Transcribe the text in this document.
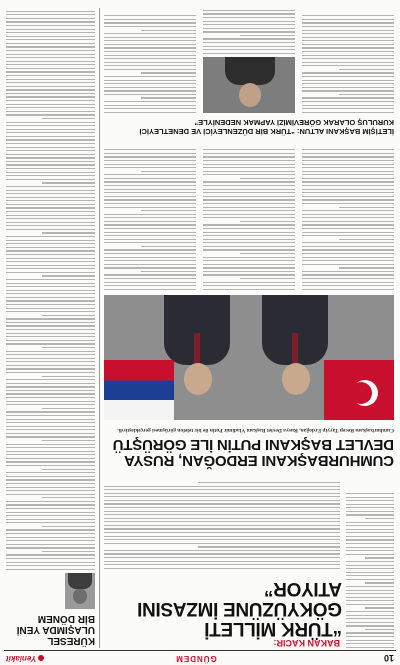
10
GÜNDEM
Yeniakit
BAKAN KACIR:
“TÜRK MİLLETİ GÖKYÜZÜNE İMZASINI ATIYOR”
KÜRESEL ULAŞIMDA YENİ BİR DÖNEM
CUMHURBAŞKANI ERDOĞAN, RUSYA DEVLET BAŞKANI PUTİN İLE GÖRÜŞTÜ
Cumhurbaşkanı Recep Tayyip Erdoğan, Rusya Devlet Başkanı Vladimir Putin ile bir telefon görüşmesi gerçekleştirdi.
İLETİŞİM BAŞKANI ALTUN: “TÜRK BİR DÜZENLEYİCİ VE DENETLEYİCİ KURULUŞ OLARAK GÖREVİMİZİ YAPMAK NEDENİYLE”
